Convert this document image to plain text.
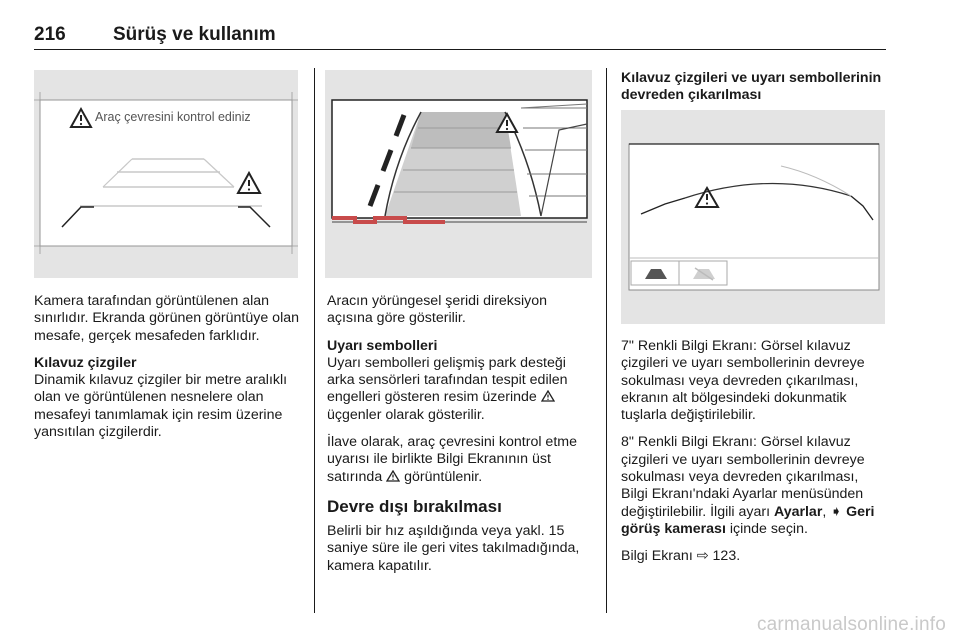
216 Sürüş ve kullanım
Araç çevresini kontrol ediniz

Kamera tarafından görüntülenen alan sınırlıdır. Ekranda görünen görüntüye olan mesafe, gerçek mesafeden farklıdır.

Kılavuz çizgiler

Dinamik kılavuz çizgiler bir metre aralıklı olan ve görüntülenen nesnelere olan mesafeyi tanımlamak için resim üzerine yansıtılan çizgilerdir.

Aracın yörüngesel şeridi direksiyon açısına göre gösterilir.

Uyarı sembolleri

Uyarı sembolleri gelişmiş park desteği arka sensörleri tarafından tespit edilen engelleri gösteren resim üzerinde üçgenler olarak gösterilir.

İlave olarak, araç çevresini kontrol etme uyarısı ile birlikte Bilgi Ekranının üst satırında  görüntülenir.

Devre dışı bırakılması

Belirli bir hız aşıldığında veya yakl. 15 saniye süre ile geri vites takılmadığında, kamera kapatılır.

Kılavuz çizgileri ve uyarı sembollerinin devreden çıkarılması

7" Renkli Bilgi Ekranı: Görsel kılavuz çizgileri ve uyarı sembollerinin devreye sokulması veya devreden çıkarılması, ekranın alt bölgesindeki dokunmatik tuşlarla değiştirilebilir.

8" Renkli Bilgi Ekranı: Görsel kılavuz çizgileri ve uyarı sembollerinin devreye sokulması veya devreden çıkarılması, Bilgi Ekranı'ndaki Ayarlar menüsünden değiştirilebilir. İlgili ayarı Ayarlar, ➧ Geri görüş kamerası içinde seçin.

Bilgi Ekranı ⇨ 123.

carmanualsonline.info
